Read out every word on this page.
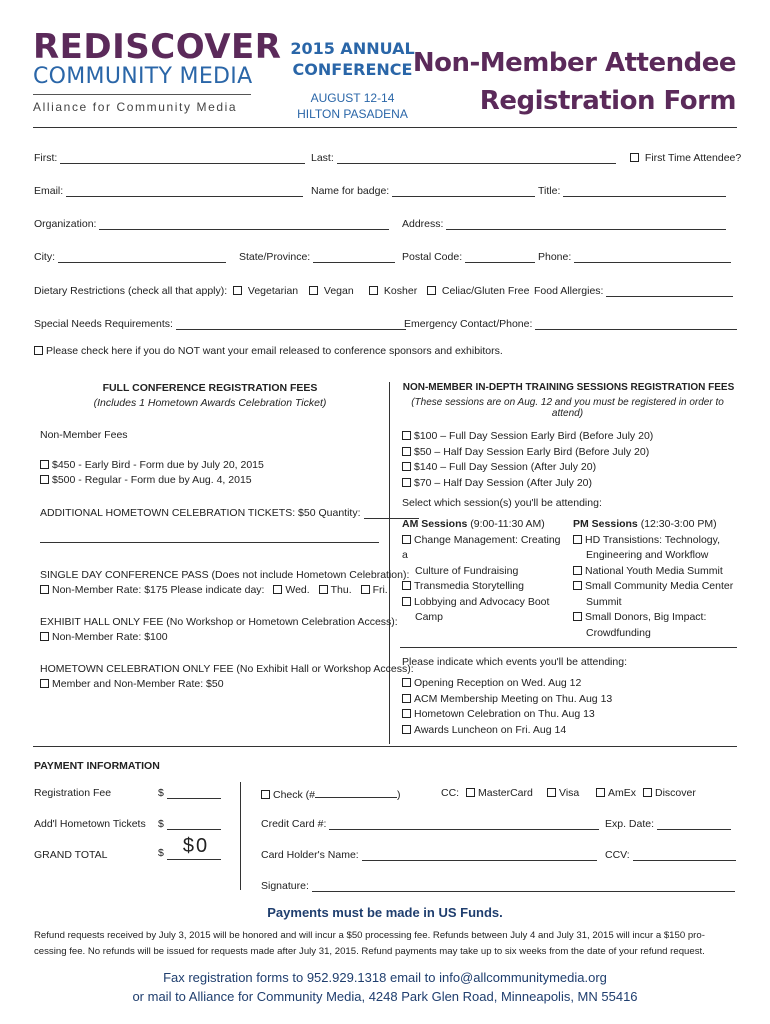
REDISCOVER
COMMUNITY MEDIA
Alliance for Community Media
2015 ANNUAL
CONFERENCE
AUGUST 12-14
HILTON PASADENA
Non-Member Attendee
Registration Form
First:	Last:	First Time Attendee?
Email:	Name for badge:	Title:
Organization:	Address:
City:	State/Province:	Postal Code:	Phone:
Dietary Restrictions (check all that apply):	Vegetarian	Vegan	Kosher	Celiac/Gluten Free Food Allergies:
Special Needs Requirements:	Emergency Contact/Phone:
Please check here if you do NOT want your email released to conference sponsors and exhibitors.
FULL CONFERENCE REGISTRATION FEES
(Includes 1 Hometown Awards Celebration Ticket)
Non-Member Fees
$450 - Early Bird - Form due by July 20, 2015
$500 - Regular - Form due by Aug. 4, 2015
ADDITIONAL HOMETOWN CELEBRATION TICKETS: $50 Quantity:
SINGLE DAY CONFERENCE PASS (Does not include Hometown Celebration):
Non-Member Rate: $175 Please indicate day: Wed. Thu. Fri.
EXHIBIT HALL ONLY FEE (No Workshop or Hometown Celebration Access):
Non-Member Rate: $100
HOMETOWN CELEBRATION ONLY FEE (No Exhibit Hall or Workshop Access):
Member and Non-Member Rate: $50
NON-MEMBER IN-DEPTH TRAINING SESSIONS REGISTRATION FEES
(These sessions are on Aug. 12 and you must be registered in order to attend)
$100 – Full Day Session Early Bird (Before July 20)
$50 – Half Day Session Early Bird (Before July 20)
$140 – Full Day Session (After July 20)
$70 – Half Day Session (After July 20)
Select which session(s) you'll be attending:
AM Sessions (9:00-11:30 AM)
Change Management: Creating a
Culture of Fundraising
Transmedia Storytelling
Lobbying and Advocacy Boot
Camp
PM Sessions (12:30-3:00 PM)
HD Transistions: Technology,
Engineering and Workflow
National Youth Media Summit
Small Community Media Center
Summit
Small Donors, Big Impact:
Crowdfunding
Please indicate which events you'll be attending:
Opening Reception on Wed. Aug 12
ACM Membership Meeting on Thu. Aug 13
Hometown Celebration on Thu. Aug 13
Awards Luncheon on Fri. Aug 14
PAYMENT INFORMATION
Registration Fee	$
Add'l Hometown Tickets $
GRAND TOTAL	$ $0
Check (#	)	CC:	MasterCard	Visa	AmEx	Discover
Credit Card #:	Exp. Date:
Card Holder's Name:	CCV:
Signature:
Payments must be made in US Funds.
Refund requests received by July 3, 2015 will be honored and will incur a $50 processing fee. Refunds between July 4 and July 31, 2015 will incur a $150 pro-
cessing fee. No refunds will be issued for requests made after July 31, 2015. Refund payments may take up to six weeks from the date of your refund request.
Fax registration forms to 952.929.1318 email to info@allcommunitymedia.org
or mail to Alliance for Community Media, 4248 Park Glen Road, Minneapolis, MN 55416
